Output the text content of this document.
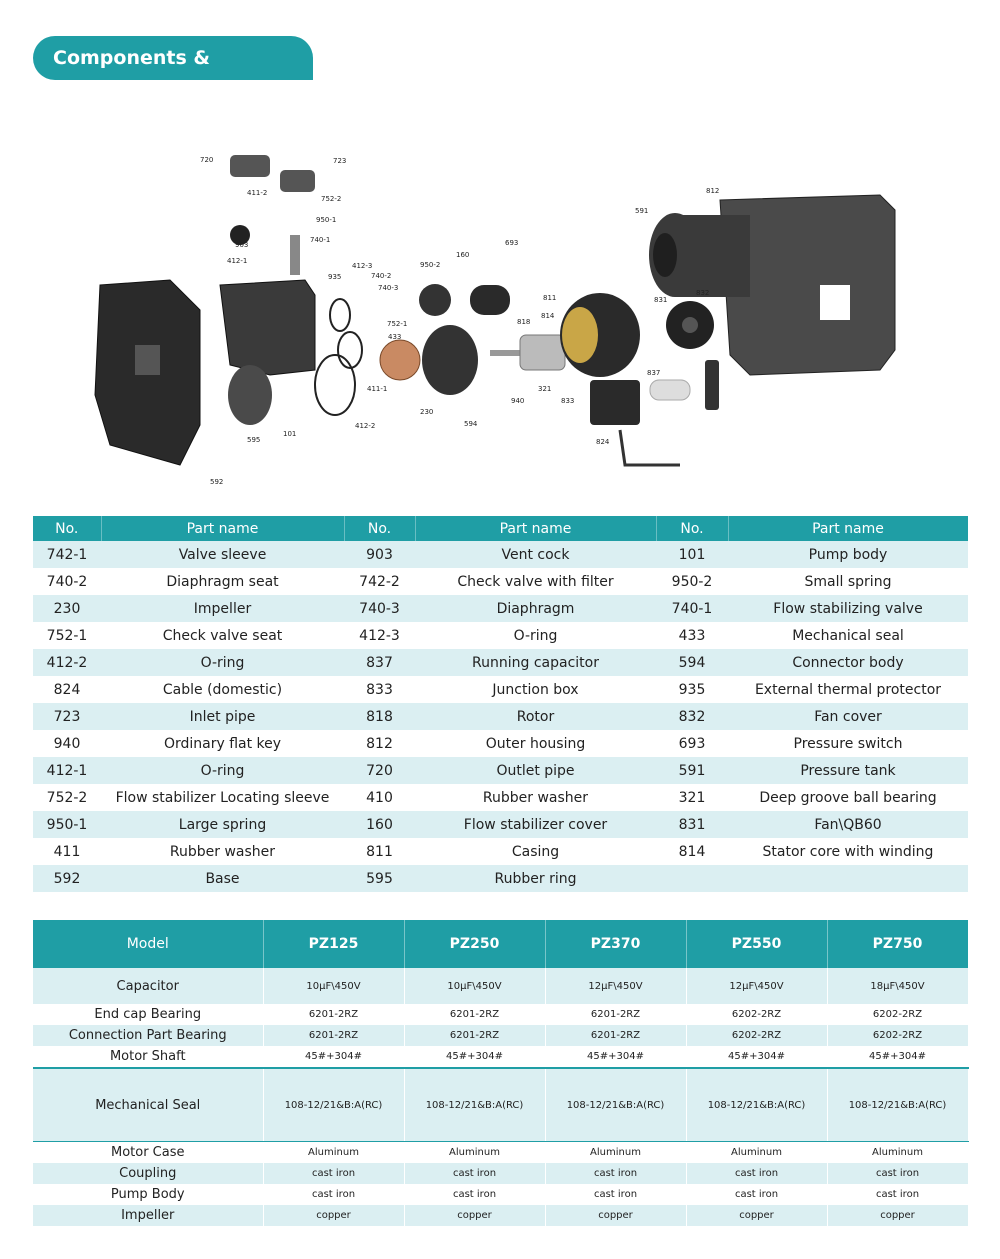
Components & Materials
720	723
411-2
752-2
950-1
740-1
903
412-1
935
412-3
740-2
740-3
950-2
160
693
591
812
752-1
433
811
814
818
831
832
411-1
412-2
230
594
940
321
837
833
824
595
101
592
No.	Part name	No.	Part name	No.	Part name
742-1	Valve sleeve	903	Vent cock	101	Pump body
740-2	Diaphragm seat	742-2	Check valve with filter	950-2	Small spring
230	Impeller	740-3	Diaphragm	740-1	Flow stabilizing valve
752-1	Check valve seat	412-3	O-ring	433	Mechanical seal
412-2	O-ring	837	Running capacitor	594	Connector body
824	Cable (domestic)	833	Junction box	935	External thermal protector
723	Inlet pipe	818	Rotor	832	Fan cover
940	Ordinary flat key	812	Outer housing	693	Pressure switch
412-1	O-ring	720	Outlet pipe	591	Pressure tank
752-2	Flow stabilizer Locating sleeve	410	Rubber washer	321	Deep groove ball bearing
950-1	Large spring	160	Flow stabilizer cover	831	Fan\QB60
411	Rubber washer	811	Casing	814	Stator core with winding
592	Base	595	Rubber ring		
Model	PZ125	PZ250	PZ370	PZ550	PZ750
Capacitor	10μF\450V	10μF\450V	12μF\450V	12μF\450V	18μF\450V
End cap Bearing	6201-2RZ	6201-2RZ	6201-2RZ	6202-2RZ	6202-2RZ
Connection Part Bearing	6201-2RZ	6201-2RZ	6201-2RZ	6202-2RZ	6202-2RZ
Motor Shaft	45#+304#	45#+304#	45#+304#	45#+304#	45#+304#
Mechanical Seal	108-12/21&B:A(RC)	108-12/21&B:A(RC)	108-12/21&B:A(RC)	108-12/21&B:A(RC)	108-12/21&B:A(RC)
Motor Case	Aluminum	Aluminum	Aluminum	Aluminum	Aluminum
Coupling	cast iron	cast iron	cast iron	cast iron	cast iron
Pump Body	cast iron	cast iron	cast iron	cast iron	cast iron
Impeller	copper	copper	copper	copper	copper
